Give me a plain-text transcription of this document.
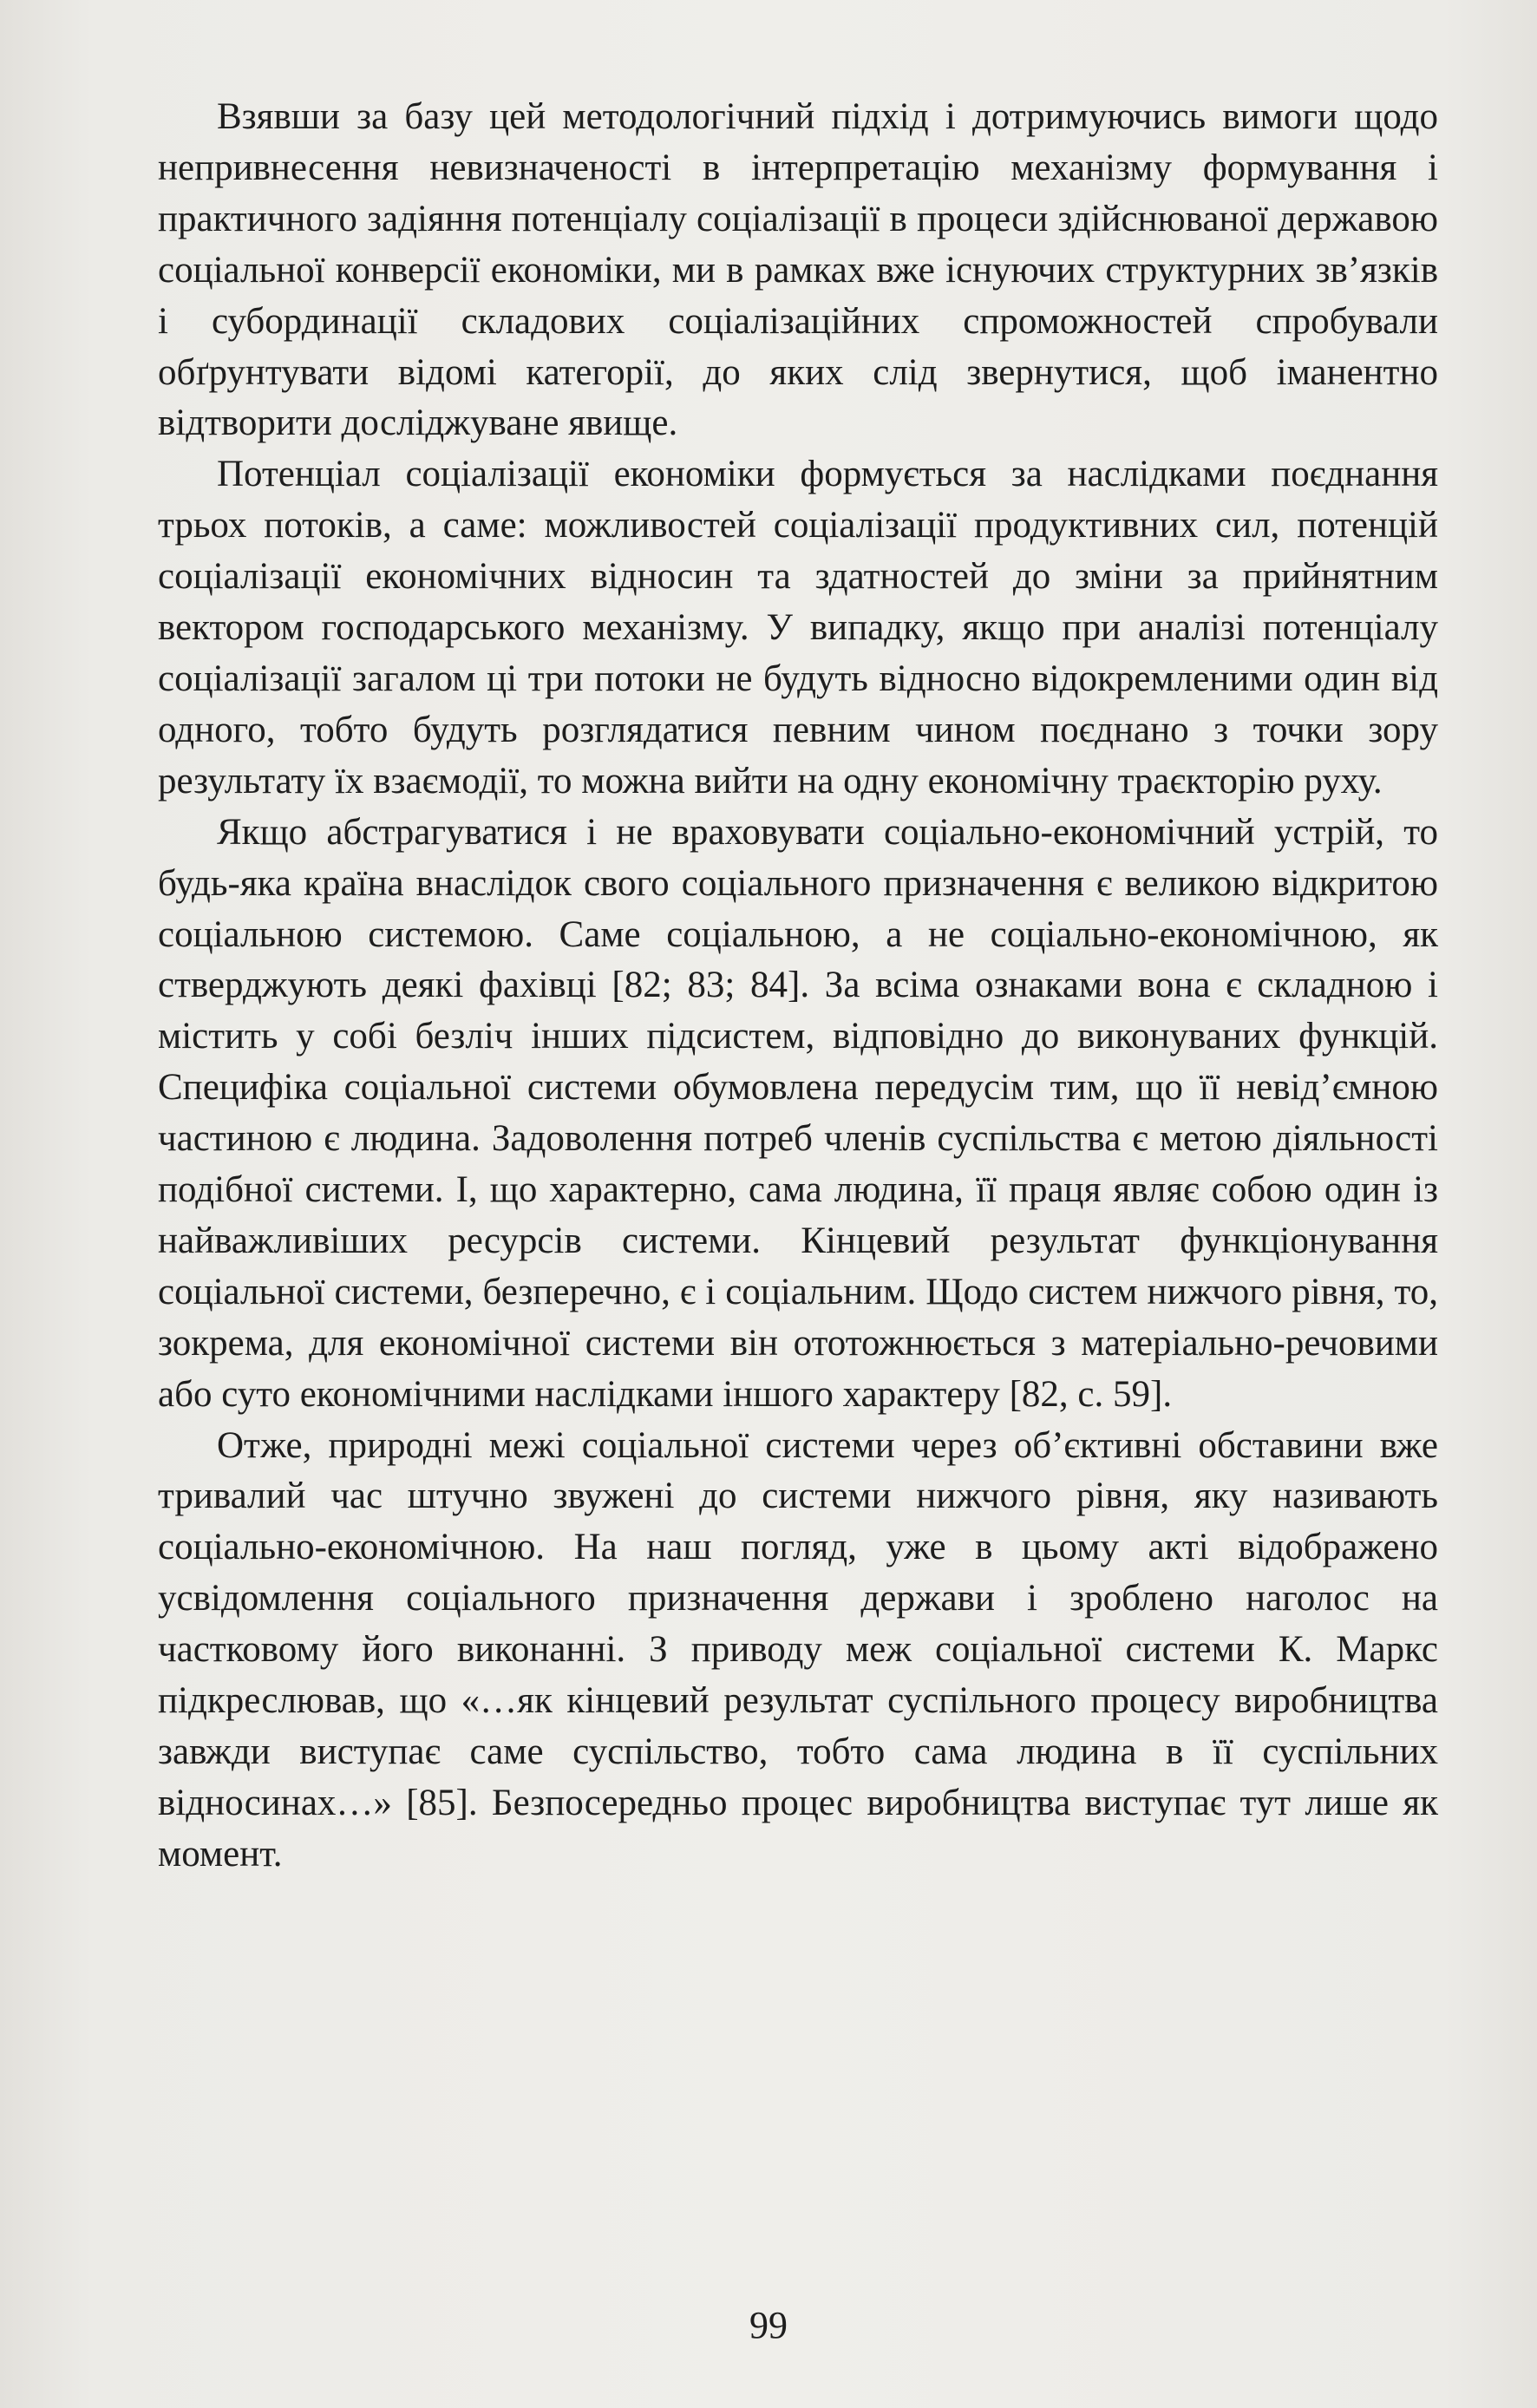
Взявши за базу цей методологічний підхід і дотримуючись вимоги щодо непривнесення невизначеності в інтерпретацію механізму формування і практичного задіяння потенціалу соціалізації в процеси здійснюваної державою соціальної конверсії економіки, ми в рамках вже існуючих структурних зв’язків і субординації складових соціалізаційних спроможностей спробували обґрунтувати відомі категорії, до яких слід звернутися, щоб іманентно відтворити досліджуване явище.

Потенціал соціалізації економіки формується за наслідками поєднання трьох потоків, а саме: можливостей соціалізації продуктивних сил, потенцій соціалізації економічних відносин та здатностей до зміни за прийнятним вектором господарського механізму. У випадку, якщо при аналізі потенціалу соціалізації загалом ці три потоки не будуть відносно відокремленими один від одного, тобто будуть розглядатися певним чином поєднано з точки зору результату їх взаємодії, то можна вийти на одну економічну траєкторію руху.

Якщо абстрагуватися і не враховувати соціально-економічний устрій, то будь-яка країна внаслідок свого соціального призначення є великою відкритою соціальною системою. Саме соціальною, а не соціально-економічною, як стверджують деякі фахівці [82; 83; 84]. За всіма ознаками вона є складною і містить у собі безліч інших підсистем, відповідно до виконуваних функцій. Специфіка соціальної системи обумовлена передусім тим, що її невід’ємною частиною є людина. Задоволення потреб членів суспільства є метою діяльності подібної системи. І, що характерно, сама людина, її праця являє собою один із найважливіших ресурсів системи. Кінцевий результат функціонування соціальної системи, безперечно, є і соціальним. Щодо систем нижчого рівня, то, зокрема, для економічної системи він ототожнюється з матеріально-речовими або суто економічними наслідками іншого характеру [82, с. 59].

Отже, природні межі соціальної системи через об’єктивні обставини вже тривалий час штучно звужені до системи нижчого рівня, яку називають соціально-економічною. На наш погляд, уже в цьому акті відображено усвідомлення соціального призначення держави і зроблено наголос на частковому його виконанні. З приводу меж соціальної системи К. Маркс підкреслював, що «…як кінцевий результат суспільного процесу виробництва завжди виступає саме суспільство, тобто сама людина в її суспільних відносинах…» [85]. Безпосередньо процес виробництва виступає тут лише як момент.

99
